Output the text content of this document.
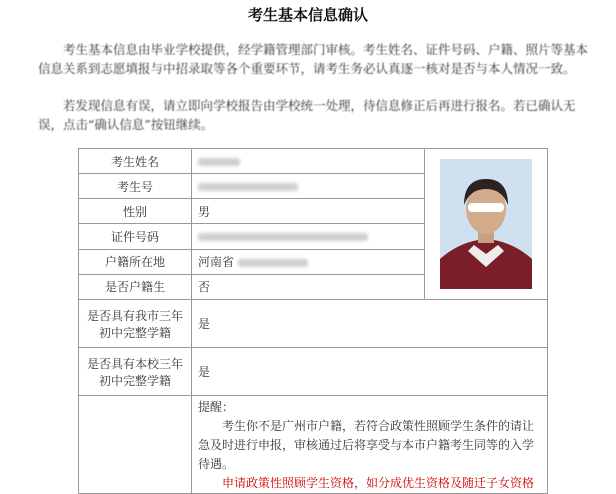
考生基本信息确认
考生基本信息由毕业学校提供，经学籍管理部门审核。考生姓名、证件号码、户籍、照片等基本信息关系到志愿填报与中招录取等各个重要环节，请考生务必认真逐一核对是否与本人情况一致。
若发现信息有误，请立即向学校报告由学校统一处理，待信息修正后再进行报名。若已确认无误，点击“确认信息”按钮继续。
考生姓名		

考生号		
性别	男	
证件号码		
户籍所在地	河南省	
是否户籍生	否	
是否具有我市三年初中完整学籍	是	
是否具有本校三年初中完整学籍	是	

	提醒：
考生你不是广州市户籍，若符合政策性照顾学生条件的请让急及时进行申报，审核通过后将享受与本市户籍考生同等的入学待遇。
申请政策性照顾学生资格，如分成优生资格及随迁子女资格	
